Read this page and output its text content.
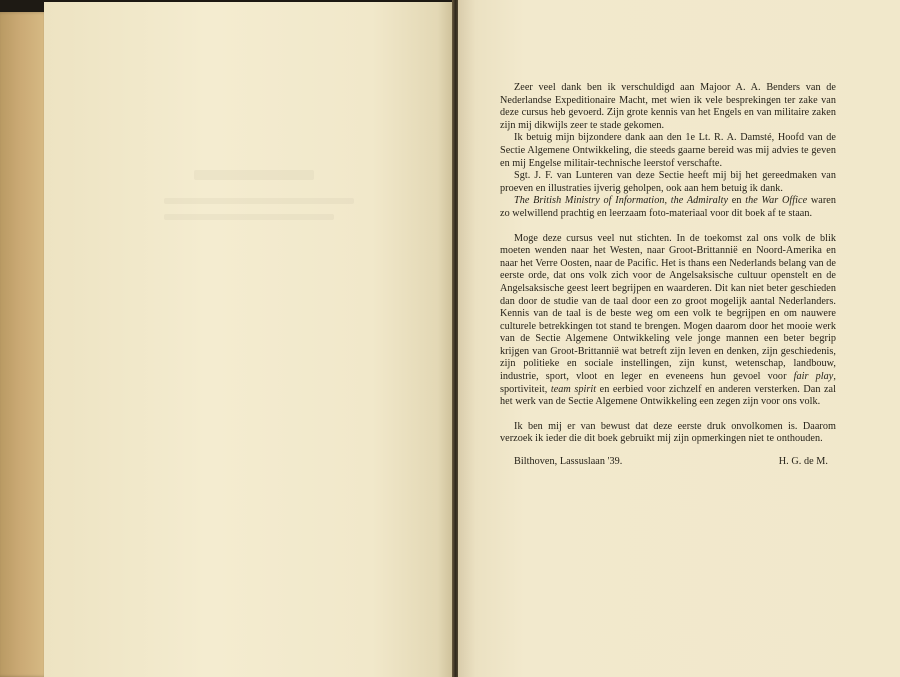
Zeer veel dank ben ik verschuldigd aan Majoor A. A. Benders van de Nederlandse Expeditionaire Macht, met wien ik vele besprekingen ter zake van deze cursus heb gevoerd. Zijn grote kennis van het Engels en van militaire zaken zijn mij dikwijls zeer te stade gekomen.

Ik betuig mijn bijzondere dank aan den 1e Lt. R. A. Damsté, Hoofd van de Sectie Algemene Ontwikkeling, die steeds gaarne bereid was mij advies te geven en mij Engelse militair-technische leerstof verschafte.

Sgt. J. F. van Lunteren van deze Sectie heeft mij bij het gereedmaken van proeven en illustraties ijverig geholpen, ook aan hem betuig ik dank.

The British Ministry of Information, the Admiralty en the War Office waren zo welwillend prachtig en leerzaam foto-materiaal voor dit boek af te staan.

Moge deze cursus veel nut stichten. In de toekomst zal ons volk de blik moeten wenden naar het Westen, naar Groot-Brittannië en Noord-Amerika en naar het Verre Oosten, naar de Pacific. Het is thans een Nederlands belang van de eerste orde, dat ons volk zich voor de Angelsaksische cultuur openstelt en de Angelsaksische geest leert begrijpen en waarderen. Dit kan niet beter geschieden dan door de studie van de taal door een zo groot mogelijk aantal Nederlanders. Kennis van de taal is de beste weg om een volk te begrijpen en om nauwere culturele betrekkingen tot stand te brengen. Mogen daarom door het mooie werk van de Sectie Algemene Ontwikkeling vele jonge mannen een beter begrip krijgen van Groot-Brittannië wat betreft zijn leven en denken, zijn geschiedenis, zijn politieke en sociale instellingen, zijn kunst, wetenschap, landbouw, industrie, sport, vloot en leger en eveneens hun gevoel voor fair play, sportiviteit, team spirit en eerbied voor zichzelf en anderen versterken. Dan zal het werk van de Sectie Algemene Ontwikkeling een zegen zijn voor ons volk.

Ik ben mij er van bewust dat deze eerste druk onvolkomen is. Daarom verzoek ik ieder die dit boek gebruikt mij zijn opmerkingen niet te onthouden.

Bilthoven, Lassuslaan '39.	H. G. de M.
